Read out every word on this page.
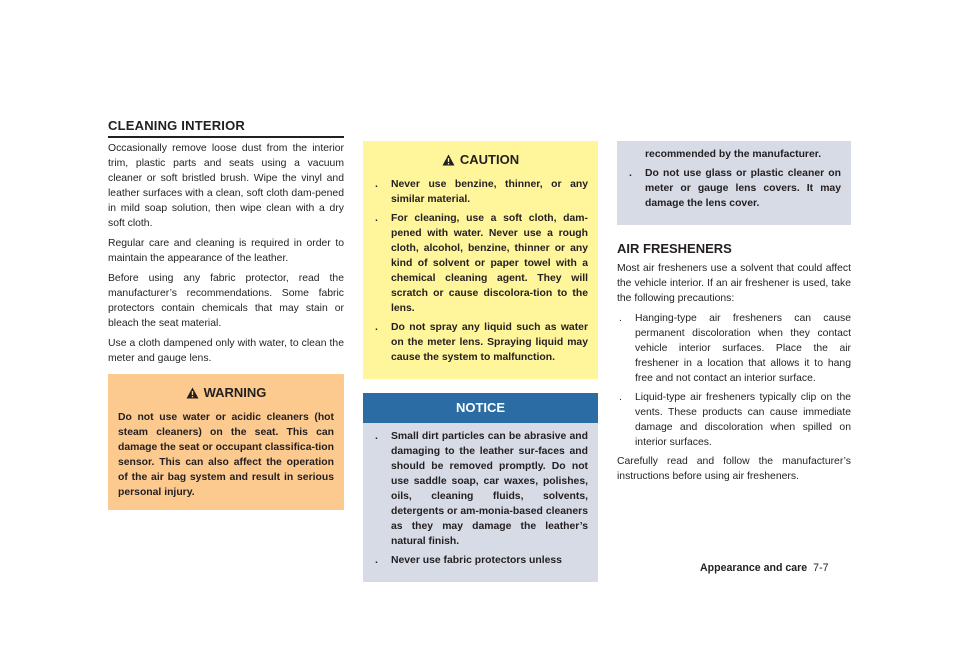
CLEANING INTERIOR

Occasionally remove loose dust from the interior trim, plastic parts and seats using a vacuum cleaner or soft bristled brush. Wipe the vinyl and leather surfaces with a clean, soft cloth dam-pened in mild soap solution, then wipe clean with a dry soft cloth.

Regular care and cleaning is required in order to maintain the appearance of the leather.

Before using any fabric protector, read the manufacturer’s recommendations. Some fabric protectors contain chemicals that may stain or bleach the seat material.

Use a cloth dampened only with water, to clean the meter and gauge lens.

WARNING

Do not use water or acidic cleaners (hot steam cleaners) on the seat. This can damage the seat or occupant classifica-tion sensor. This can also affect the operation of the air bag system and result in serious personal injury.

CAUTION
. Never use benzine, thinner, or any similar material.
. For cleaning, use a soft cloth, dam-pened with water. Never use a rough cloth, alcohol, benzine, thinner or any kind of solvent or paper towel with a chemical cleaning agent. They will scratch or cause discolora-tion to the lens.
. Do not spray any liquid such as water on the meter lens. Spraying liquid may cause the system to malfunction.
NOTICE
. Small dirt particles can be abrasive and damaging to the leather sur-faces and should be removed promptly. Do not use saddle soap, car waxes, polishes, oils, cleaning fluids, solvents, detergents or am-monia-based cleaners as they may damage the leather’s natural finish.
. Never use fabric protectors unless
recommended by the manufacturer.
. Do not use glass or plastic cleaner on meter or gauge lens covers. It may damage the lens cover.
AIR FRESHENERS

Most air fresheners use a solvent that could affect the vehicle interior. If an air freshener is used, take the following precautions:

. Hanging-type air fresheners can cause permanent discoloration when they contact vehicle interior surfaces. Place the air freshener in a location that allows it to hang free and not contact an interior surface.
. Liquid-type air fresheners typically clip on the vents. These products can cause immediate damage and discoloration when spilled on interior surfaces.

Carefully read and follow the manufacturer’s instructions before using air fresheners.

Appearance and care 7-7
